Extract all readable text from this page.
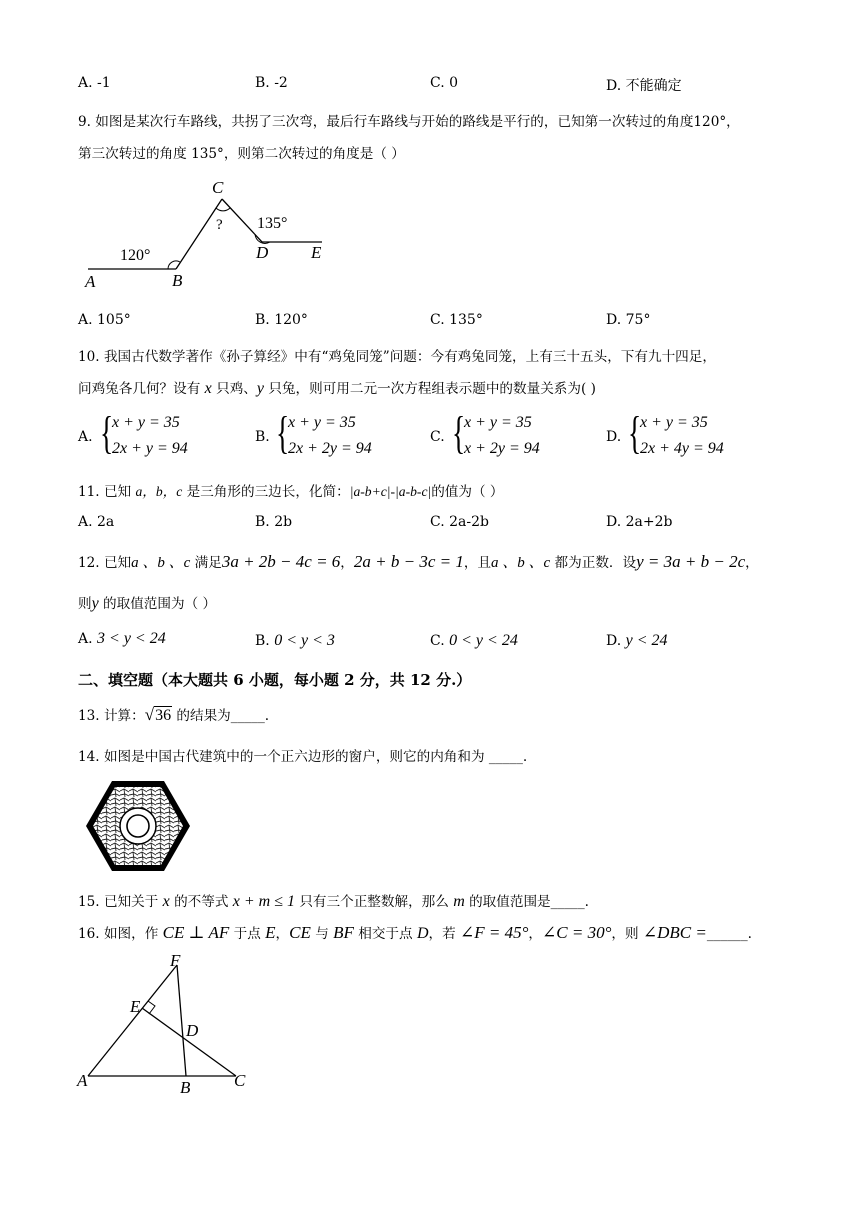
A. -1	B. -2	C. 0	D. 不能确定
9. 如图是某次行车路线，共拐了三次弯，最后行车路线与开始的路线是平行的，已知第一次转过的角度120°，
第三次转过的角度 135°，则第二次转过的角度是（ ）
C
? 135°
D	E
120°
A	B
A. 105°	B. 120°	C. 135°	D. 75°
10. 我国古代数学著作《孙子算经》中有“鸡兔同笼”问题：今有鸡兔同笼，上有三十五头，下有九十四足，
问鸡兔各几何？设有 x 只鸡、y 只兔，则可用二元一次方程组表示题中的数量关系为( )
A. {
x + y = 35
2x + y = 94
B. {
x + y = 35
2x + 2y = 94
C. {
x + y = 35
x + 2y = 94
D. {
x + y = 35
2x + 4y = 94
11. 已知 a，b，c 是三角形的三边长，化简：|a-b+c|-|a-b-c|的值为（ ）
A. 2a	B. 2b	C. 2a-2b	D. 2a+2b
12. 已知a 、b 、c 满足3a + 2b − 4c = 6，2a + b − 3c = 1，且a 、b 、c 都为正数．设y = 3a + b − 2c，
则y 的取值范围为（ ）
A. 3 < y < 24	B. 0 < y < 3	C. 0 < y < 24	D. y < 24
二、填空题（本大题共 6 小题，每小题 2 分，共 12 分.）
13. 计算：√36 的结果为_____.
14. 如图是中国古代建筑中的一个正六边形的窗户，则它的内角和为 _____.
15. 已知关于 x 的不等式 x + m ≤ 1 只有三个正整数解，那么 m 的取值范围是_____.
16. 如图，作 CE ⊥ AF 于点 E，CE 与 BF 相交于点 D，若 ∠F = 45°，∠C = 30°，则 ∠DBC =______.
F
E
D
A	B	C
